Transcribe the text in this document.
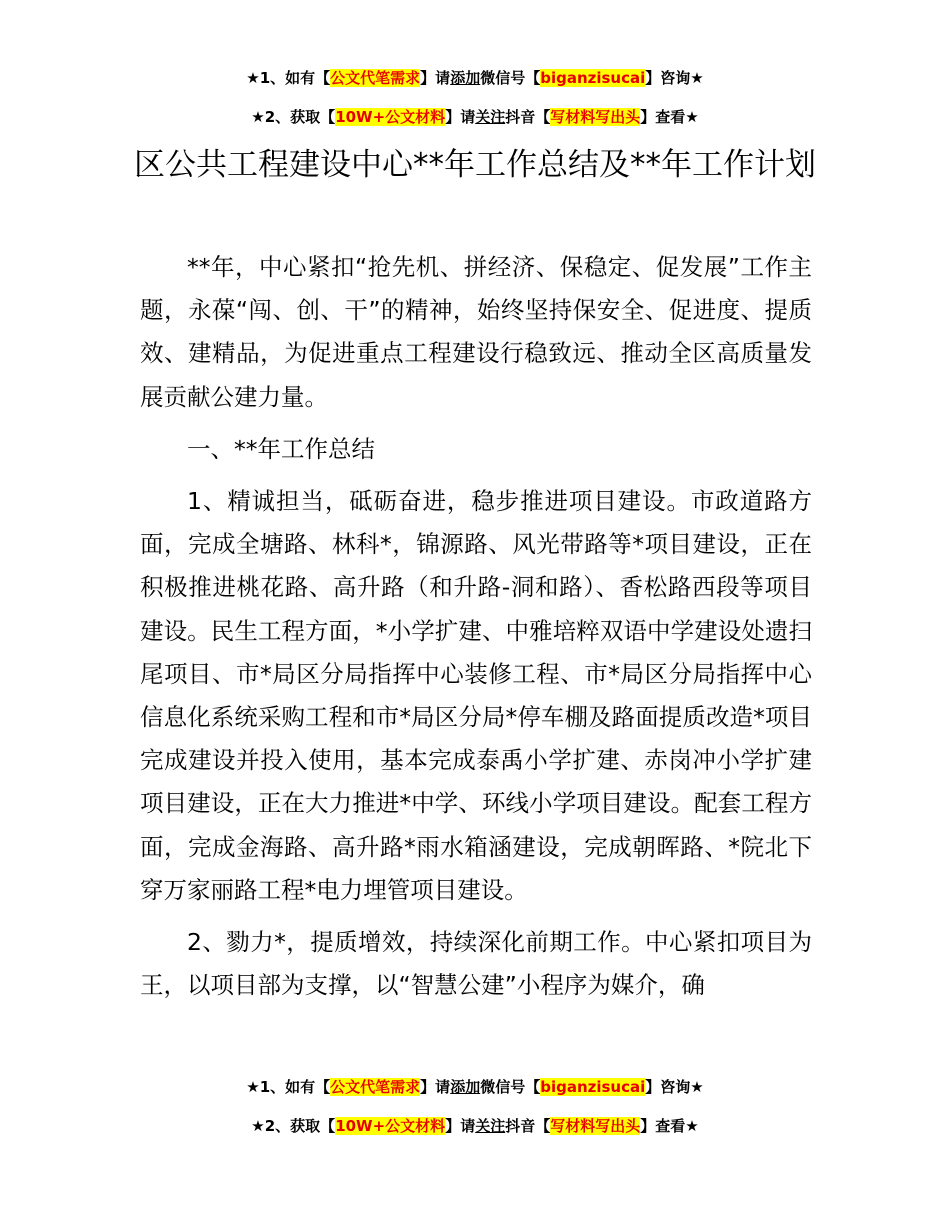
★1、如有【公文代笔需求】请添加微信号【biganzisucai】咨询★
★2、获取【10W+公文材料】请关注抖音【写材料写出头】查看★
区公共工程建设中心**年工作总结及**年工作计划

**年，中心紧扣“抢先机、拼经济、保稳定、促发展”工作主题，永葆“闯、创、干”的精神，始终坚持保安全、促进度、提质效、建精品，为促进重点工程建设行稳致远、推动全区高质量发展贡献公建力量。

一、**年工作总结

1、精诚担当，砥砺奋进，稳步推进项目建设。市政道路方面，完成全塘路、林科*，锦源路、风光带路等*项目建设，正在积极推进桃花路、高升路（和升路-洞和路）、香松路西段等项目建设。民生工程方面，*小学扩建、中雅培粹双语中学建设处遗扫尾项目、市*局区分局指挥中心装修工程、市*局区分局指挥中心信息化系统采购工程和市*局区分局*停车棚及路面提质改造*项目完成建设并投入使用，基本完成泰禹小学扩建、赤岗冲小学扩建项目建设，正在大力推进*中学、环线小学项目建设。配套工程方面，完成金海路、高升路*雨水箱涵建设，完成朝晖路、*院北下穿万家丽路工程*电力埋管项目建设。

2、勠力*，提质增效，持续深化前期工作。中心紧扣项目为王，以项目部为支撑，以“智慧公建”小程序为媒介，确

★1、如有【公文代笔需求】请添加微信号【biganzisucai】咨询★
★2、获取【10W+公文材料】请关注抖音【写材料写出头】查看★
